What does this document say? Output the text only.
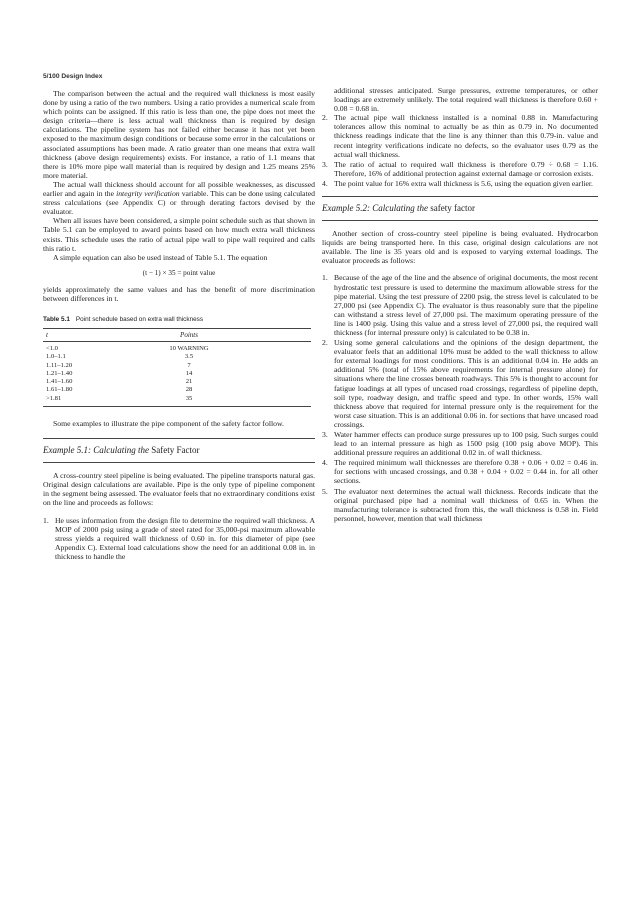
5/100 Design Index

The comparison between the actual and the required wall thickness is most easily done by using a ratio of the two numbers. Using a ratio provides a numerical scale from which points can be assigned. If this ratio is less than one, the pipe does not meet the design criteria—there is less actual wall thickness than is required by design calculations. The pipeline system has not failed either because it has not yet been exposed to the maximum design conditions or because some error in the calculations or associated assumptions has been made. A ratio greater than one means that extra wall thickness (above design requirements) exists. For instance, a ratio of 1.1 means that there is 10% more pipe wall material than is required by design and 1.25 means 25% more material.

The actual wall thickness should account for all possible weaknesses, as discussed earlier and again in the integrity verification variable. This can be done using calculated stress calculations (see Appendix C) or through derating factors devised by the evaluator.

When all issues have been considered, a simple point schedule such as that shown in Table 5.1 can be employed to award points based on how much extra wall thickness exists. This schedule uses the ratio of actual pipe wall to pipe wall required and calls this ratio t.

A simple equation can also be used instead of Table 5.1. The equation

(t − 1) × 35 = point value

yields approximately the same values and has the benefit of more discrimination between differences in t.

Table 5.1 Point schedule based on extra wall thickness
t	Points
<1.0	10 WARNING
1.0–1.1	3.5
1.11–1.20	7
1.21–1.40	14
1.41–1.60	21
1.61–1.80	28
>1.81	35

Some examples to illustrate the pipe component of the safety factor follow.

Example 5.1: Calculating the Safety Factor

A cross-country steel pipeline is being evaluated. The pipeline transports natural gas. Original design calculations are available. Pipe is the only type of pipeline component in the segment being assessed. The evaluator feels that no extraordinary conditions exist on the line and proceeds as follows:

1. He uses information from the design file to determine the required wall thickness. A MOP of 2000 psig using a grade of steel rated for 35,000-psi maximum allowable stress yields a required wall thickness of 0.60 in. for this diameter of pipe (see Appendix C). External load calculations show the need for an additional 0.08 in. in thickness to handle the

additional stresses anticipated. Surge pressures, extreme temperatures, or other loadings are extremely unlikely. The total required wall thickness is therefore 0.60 + 0.08 = 0.68 in.

2. The actual pipe wall thickness installed is a nominal 0.88 in. Manufacturing tolerances allow this nominal to actually be as thin as 0.79 in. No documented thickness readings indicate that the line is any thinner than this 0.79-in. value and recent integrity verifications indicate no defects, so the evaluator uses 0.79 as the actual wall thickness.
3. The ratio of actual to required wall thickness is therefore 0.79 ÷ 0.68 = 1.16. Therefore, 16% of additional protection against external damage or corrosion exists.
4. The point value for 16% extra wall thickness is 5.6, using the equation given earlier.
Example 5.2: Calculating the safety factor

Another section of cross-country steel pipeline is being evaluated. Hydrocarbon liquids are being transported here. In this case, original design calculations are not available. The line is 35 years old and is exposed to varying external loadings. The evaluator proceeds as follows:

1. Because of the age of the line and the absence of original documents, the most recent hydrostatic test pressure is used to determine the maximum allowable stress for the pipe material. Using the test pressure of 2200 psig, the stress level is calculated to be 27,000 psi (see Appendix C). The evaluator is thus reasonably sure that the pipeline can withstand a stress level of 27,000 psi. The maximum operating pressure of the line is 1400 psig. Using this value and a stress level of 27,000 psi, the required wall thickness (for internal pressure only) is calculated to be 0.38 in.
2. Using some general calculations and the opinions of the design department, the evaluator feels that an additional 10% must be added to the wall thickness to allow for external loadings for most conditions. This is an additional 0.04 in. He adds an additional 5% (total of 15% above requirements for internal pressure alone) for situations where the line crosses beneath roadways. This 5% is thought to account for fatigue loadings at all types of uncased road crossings, regardless of pipeline depth, soil type, roadway design, and traffic speed and type. In other words, 15% wall thickness above that required for internal pressure only is the requirement for the worst case situation. This is an additional 0.06 in. for sections that have uncased road crossings.
3. Water hammer effects can produce surge pressures up to 100 psig. Such surges could lead to an internal pressure as high as 1500 psig (100 psig above MOP). This additional pressure requires an additional 0.02 in. of wall thickness.
4. The required minimum wall thicknesses are therefore 0.38 + 0.06 + 0.02 = 0.46 in. for sections with uncased crossings, and 0.38 + 0.04 + 0.02 = 0.44 in. for all other sections.
5. The evaluator next determines the actual wall thickness. Records indicate that the original purchased pipe had a nominal wall thickness of 0.65 in. When the manufacturing tolerance is subtracted from this, the wall thickness is 0.58 in. Field personnel, however, mention that wall thickness
